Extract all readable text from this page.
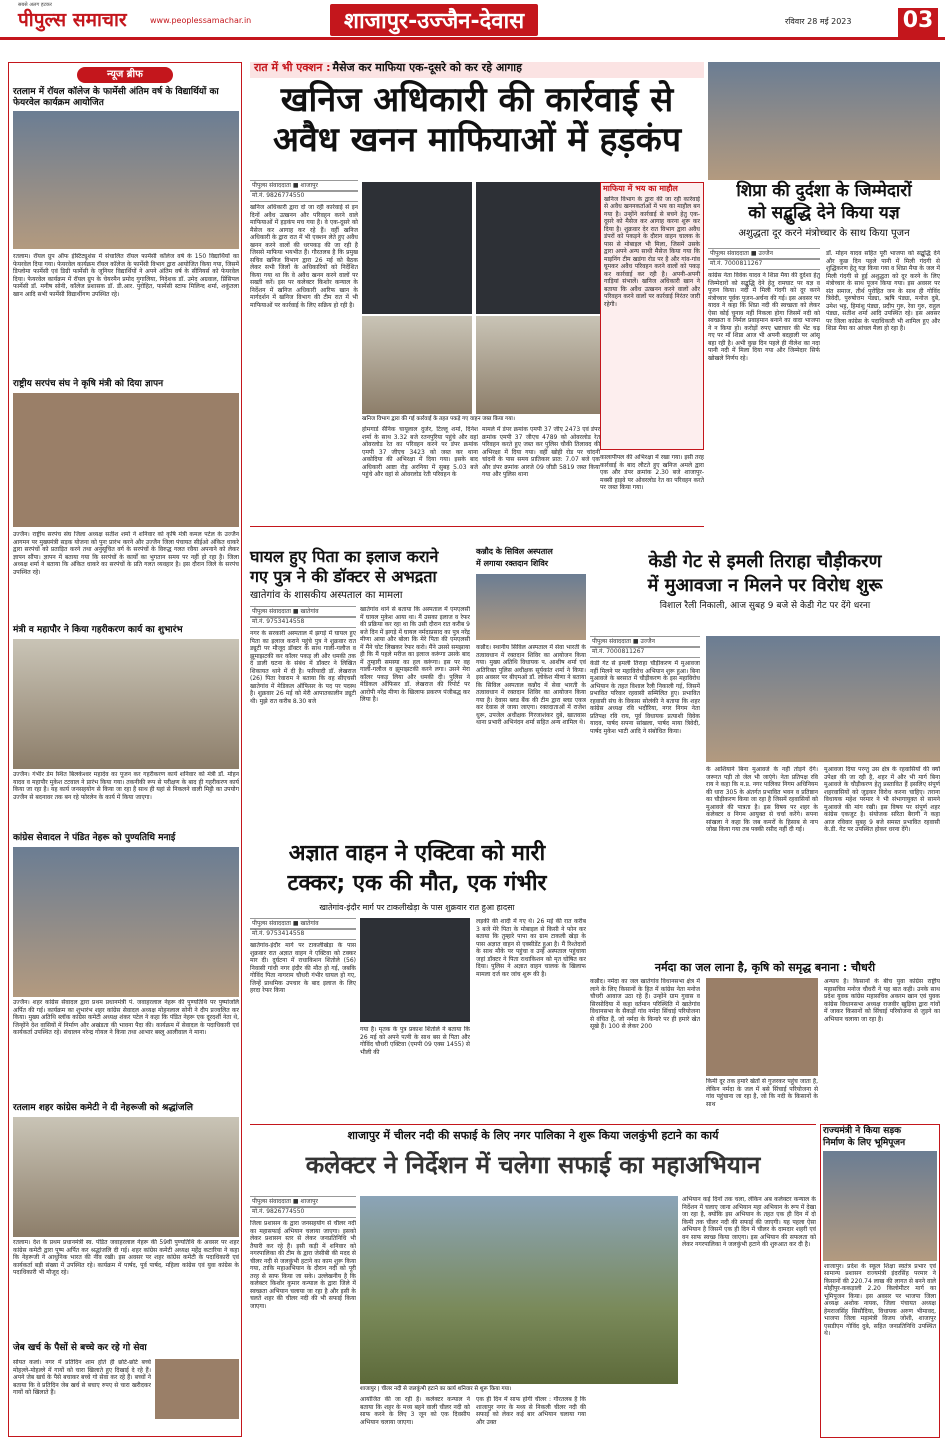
सबसे अलग हटकर
पीपुल्स समाचार	www.peoplessamachar.in	शाजापुर-उज्जैन-देवास	रविवार 28 मई 2023 03
न्यूज ब्रीफ
रतलाम में रॉयल कॉलेज के फार्मेसी अंतिम वर्ष के विद्यार्थियों का फेयरवेल कार्यक्रम आयोजित
रतलाम। रॉयल ग्रुप ऑफ इंस्टिट्यूशंस में संचालित रॉयल फार्मेसी कॉलेज वर्ष के 150 विद्यार्थियों का फेयरवेल दिया गया। फेयरवेल कार्यक्रम रॉयल कॉलेज के फार्मेसी विभाग द्वारा आयोजित किया गया, जिसमें डिप्लोमा फार्मेसी एवं डिग्री फार्मेसी के जूनियर विद्यार्थियों ने अपने अंतिम वर्ष के सीनियर्स को फेयरवेल दिया। फेयरवेल कार्यक्रम में रॉयल ग्रुप के चेयरमैन प्रमोद गुगालिया, निदेशक डॉ. उमेद अग्रवाल, प्रिंसिपल फार्मेसी डॉ. मनीष सोनी, कॉलेज प्रशासक डॉ. डी.आर. पुरोहित, फार्मेसी स्टाफ मिलिन्द शर्मा, शकुंतला खान आदि सभी फार्मेसी विद्यार्थीगण उपस्थित रहे।
राष्ट्रीय सरपंच संघ ने कृषि मंत्री को दिया ज्ञापन
उज्जैन। राष्ट्रीय सरपंच संघ जिला अध्यक्ष सतीश शर्मा ने शनिवार को कृषि मंत्री कमल पटेल के उज्जैन आगमन पर मुख्यमंत्री सड़क योजना को पुनः प्रारंभ करने और उज्जैन जिला पंचायत सीईओ अंकित धाकरे द्वारा सरपंचों को प्रताड़ित करने तथा अनुसूचित वर्ग के सरपंचों के विरुद्ध गलत रवैया अपनाने को लेकर ज्ञापन सौंपा। ज्ञापन में बताया गया कि सरपंचों के कार्यों का भुगतान समय पर नहीं हो रहा है। जिला अध्यक्ष शर्मा ने बताया कि अंकित धाकरे का सरपंचों के प्रति गलत व्यवहार है। इस दौरान जिले के सरपंच उपस्थित रहे।
मंत्री व महापौर ने किया गहरीकरण कार्य का शुभारंभ
उज्जैन। गंभीर डेम स्थित बिलकेश्वर महादेव का पूजन कर गहरीकरण कार्य शनिवार को मंत्री डॉ. मोहन यादव व महापौर मुकेश टटवाल ने प्रारंभ किया गया। तकनीकी रूप से परीक्षण के बाद ही गहरीकरण कार्य किया जा रहा है। यह कार्य जनसहयोग से किया जा रहा है साथ ही यहां से निकलने वाली मिट्टी का उपयोग उज्जैन से बदनावर तक बन रहे फोरलेन के कार्य में किया जाएगा।
कांग्रेस सेवादल ने पंडित नेहरू को पुण्यतिथि मनाई
उज्जैन। शहर कांग्रेस सेवादल द्वारा प्रथम प्रधानमंत्री पं. जवाहरलाल नेहरू की पुण्यतिथि पर पुष्पांजलि अर्पित की गई। कार्यक्रम का शुभारंभ शहर कांग्रेस सेवादल अध्यक्ष मोहनलाल सोनी ने दीप प्रज्वलित कर किया। मुख्य अतिथि ब्लॉक कांग्रेस कमेटी अध्यक्ष शंकर पटेल ने कहा कि पंडित नेहरू एक दूरदर्शी नेता थे, जिन्होंने देश वासियों में निर्माण और अखंडता की भावना पैदा की। कार्यक्रम में सेवादल के पदाधिकारी एवं कार्यकर्ता उपस्थित रहे। संचालन नरेन्द्र गोयल ने किया तथा आभार बब्लू आलीवाल ने माना।
रतलाम शहर कांग्रेस कमेटी ने दी नेहरूजी को श्रद्धांजलि
रतलाम। देश के प्रथम प्रधानमंत्री स्व. पंडित जवाहरलाल नेहरू की 59वीं पुण्यतिथि के अवसर पर शहर कांग्रेस कमेटी द्वारा पुष्प अर्पित कर श्रद्धांजलि दी गई। शहर कांग्रेस कमेटी अध्यक्ष महेंद्र कटारिया ने कहा कि नेहरूजी ने आधुनिक भारत की नींव रखी। इस अवसर पर शहर कांग्रेस कमेटी के पदाधिकारी एवं कार्यकर्ता बड़ी संख्या में उपस्थित रहे। कार्यक्रम में पार्षद, पूर्व पार्षद, महिला कांग्रेस एवं युवा कांग्रेस के पदाधिकारी भी मौजूद रहे।
जेब खर्च के पैसों से बच्चे कर रहे गो सेवा
सोयत कलां। नगर में प्रतिदिन शाम होते ही छोटे-छोटे बच्चे मोहल्ले-मोहल्ले में गायों को चारा खिलाते हुए दिखाई दे रहे हैं। अपने जेब खर्च के पैसे बचाकर बच्चे गो सेवा कर रहे हैं। बच्चों ने बताया कि वे प्रतिदिन जेब खर्च से बचाए रुपए से चारा खरीदकर गायों को खिलाते हैं।
रात में भी एक्शन : मैसेज कर माफिया एक-दूसरे को कर रहे आगाह
खनिज अधिकारी की कार्रवाई से
अवैध खनन माफियाओं में हड़कंप
पीपुल्स संवाददाता ■ शाजापुर
मो.नं. 9826774550
खनिज अधिकारी द्वारा दो जा रही कार्रवाई से इन दिनों अवैध उत्खनन और परिवहन करने वाले माफियाओं में हड़कंप मच गया है। वे एक-दूसरे को मैसेज कर आगाह कर रहे हैं। वहीं खनिज अधिकारी के द्वारा रात में भी एक्शन लेते हुए अवैध खनन करने वालों की धरपकड़ की जा रही है जिससे माफिया भयभीत हैं। गौरतलब है कि प्रमुख सचिव खनिज विभाग द्वारा 26 मई को बैठक लेकर सभी जिलों के अधिकारियों को निर्देशित किया गया था कि वे अवैध खनन करने वालों पर सख्ती करें। इस पर कलेक्टर किशोर कन्याल के निर्देशन में खनिज अधिकारी आरिफ खान के मार्गदर्शन में खनिज विभाग की टीम रात में भी माफियाओं पर कार्रवाई के लिए सक्रिय हो रही है।
खनिज विभाग द्वारा की गई कार्रवाई के तहत पकड़े गए वाहन जब्त किया गया।
हाेमगार्ड सैनिक चायूलाल दुर्जर, टिल्लू शर्मा, दिनेश शर्मा के साथ 3.32 बजे रतनपुरिया पहुंचे और वहां ओवरलोड रेत का परिवहन करने पर डंपर क्रमांक एमपी 37 जीएच 3423 को जब्त कर थाना अकोदिया की अभिरक्षा में दिया गया। इसके बाद अधिकारी आष्टा रोड़ अरनिया में सुबह 5.03 बजे पहुंचे और वहां से ओवरलोड रेती परिवहन के
मामले में डंपर क्रमांक एमपी 37 जीए 2473 एवं डंपर क्रमांक एमपी 37 जीएच 4789 को ओवरलोड रेत परिवहन करते हुए जब्त कर पुलिस चौकी तिलावद की अभिरक्षा में दिया गया। वहीं खोही रोड पर चांदनी चांदनी के पास समय प्रातिकार प्रात: 7.07 बजे एक और डंपर क्रमांक आरजे 09 जीडी 5819 जब्त किया गया और पुलिस थाना
माफिया में भय का माहौल
खनिज विभाग के द्वारा की जा रही कार्रवाई से अवैध खननकर्ताओं में भय का माहौल बन गया है। उन्होंने कार्रवाई से बचने हेतु एक-दूसरे को मैसेज कर आगाह करना शुरू कर दिया है। शुक्रवार देर रात विभाग द्वारा अवैध डंपरों को पकड़ने के दौरान वाहन चालक के पास से मोबाइल भी मिला, जिसमें उसके द्वारा अपने अन्य साथी मैसेज किया गया कि माइनिंग टीम खडंगा रोड पर है और गांव-गांव घूमकर अवैध परिवहन करने वालों को पकड़ कर कार्रवाई कर रही है। अपनी-अपनी गाड़ियां संभालें। खनिज अधिकारी खान ने बताया कि अवैध उत्खनन करने वालों और परिवहन करने वालों पर कार्रवाई निरंतर जारी रहेगी।
कालापीपल की अभिरक्षा में रखा गया। इसी तरह कार्रवाई के बाद लौटते हुए खनिज अमले द्वारा एक और डंपर क्रमांक 2.30 बजे शाजापुर-मक्सी हाइवे पर ओवरलोड रेत का परिवहन करते पर जब्त किया गया।
शिप्रा की दुर्दशा के जिम्मेदारों
को सद्बुद्धि देने किया यज्ञ
अशुद्धता दूर करने मंत्रोच्चार के साथ किया पूजन
पीपुल्स संवाददाता ■ उज्जैन
मो.नं. 7000811267
कांग्रेस नेता विवेक यादव ने शिप्रा मैया की दुर्दशा हेतु जिम्मेदारों को सद्बुद्धि देने हेतु रामघाट पर यज्ञ व पूजन किया। नदी में मिली गंदगी को दूर करने मंत्रोच्चार पूर्वक पूजन-अर्चना की गई। इस अवसर पर यादव ने कहा कि शिप्रा नदी की स्वच्छता को लेकर ऐसा कोई चुनाव नहीं निकला होगा जिसमें नदी को स्वच्छता व निर्मल प्रवाहमान बनाने का वादा भाजपा ने न किया हो। करोड़ों रुपए भ्रष्टाचार की भेंट चढ़ गए पर माँ शिप्रा आज भी अपनी बदहाली पर आंसू बहा रही है। अभी कुछ दिन पहले ही नीलेश का नदा पानी नदी में मिला दिया गया और जिम्मेदार सिर्फ खोखले निर्णय रहे।
डॉ. मोहन यादव सहित पूरी भाजपा को सद्बुद्धि देने और कुछ दिन पहले पानी में मिली गंदगी से शुद्धिकरण हेतु यज्ञ किया गया व शिप्रा मैया के जल में मिली गंदगी से हुई अशुद्धता को दूर करने के लिए मंत्रोच्चार के साथ पूजन किया गया। इस अवसर पर संत समाज, तीर्थ पुरोहित जन के साथ ही गोविंद त्रिवेदी, पुरुषोत्तम पंड्या, ऋषि पंड्या, मनोज दुबे, उमेश भट्ट, हिमांशु पंड्या, प्रदीप गुरु, रेवा गुरु, राहुल पंड्या, सतीश शर्मा आदि उपस्थित रहे। इस अवसर पर जिला कांग्रेस के पदाधिकारी भी शामिल हुए और शिप्रा मैया का आंचल मैला हो रहा है।
घायल हुए पिता का इलाज कराने
गए पुत्र ने की डॉक्टर से अभद्रता
खातेगांव के शासकीय अस्पताल का मामला
पीपुल्स संवाददाता ■ खातेगांव
मो.नं. 9753414558
नगर के सरकारी अस्पताल में झगड़े में घायल हुए पिता का इलाज कराने पहुंचे पुत्र ने शुक्रवार रात ड्यूटी पर मौजूद डॉक्टर के साथ गाली-गलौज व झूमाझटकी कर कॉलर पकड़ ली और धमकी तक दे डाली घटना के संबंध में डॉक्टर ने लिखित शिकायत थाने में दी है। फरियादी डॉ. लेखराज (26) पिता रेवाराम ने बताया कि वह सीएचसी खातेगांव में मेडिकल ऑफिसर के पद पर पदस्थ है। शुक्रवार 26 मई को मेरी आपातकालीन ड्यूटी थी। मुझे रात करीब 8.30 बजे
खातेगांव थाने से बताया कि अस्पताल में एमएलसी में घायल मुकेश आया था। मैं उसका इलाज व रेफर की प्रक्रिया कर रहा था कि उसी दौरान रात करीब 9 बजे दिन में झगड़े में घायल नर्मदाप्रसाद का पुत्र नरेंद्र मीणा आया और बोला कि मेरे पिता की एमएलसी में मैंने चोट लिखकर रेफर करो। मैंने उससे समझाया ही कि मैं पहले मरीज का इलाज करूंगा उसके बाद में तुम्हारी समस्या का हल करूंगा। इस पर वह गाली-गलौज व झूमाझटकी करने लगा। उसने मेरा कॉलर पकड़ लिया और धमकी दी। पुलिस ने मेडिकल ऑफिसर डॉ. लेखराज की रिपोर्ट पर आरोपी नरेंद्र मीणा के खिलाफ प्रकरण पंजीबद्ध कर लिया है।
कन्नौद के सिविल अस्पताल
में लगाया रक्तदान शिविर
कन्नौद। स्थानीय सिविल अस्पताल में सेवा भारती के तत्वावधान में रक्तदान शिविर का आयोजन किया गया। मुख्य अतिथि विधायक प. आशीष शर्मा एवं अतिरिक्त पुलिस अधीक्षक सूर्यकांत शर्मा ने किया। इस अवसर पर बीएमओ डॉ. लोकेश मीणा ने बताया कि सिविल अस्पताल कन्नौद में सेवा भारती के तत्वावधान में रक्तदान शिविर का आयोजन किया गया है। देवास ब्लड बैंक की टीम द्वारा ब्लड एकत्र कर देवास ले जाया जाएगा। रक्तदाताओं में राजेश धुरू, उपजेल अधीक्षक गिरजाशंकर दुबे, खातवास थाना प्रभारी अभिनंदन शर्मा सहित अन्य शामिल थे।
केडी गेट से इमली तिराहा चौड़ीकरण
में मुआवजा न मिलने पर विरोध शुरू
विशाल रैली निकाली, आज सुबह 9 बजे से केडी गेट पर देंगे धरना
पीपुल्स संवाददाता ■ उज्जैन
मो.नं. 7000811267
केडी गेट से इमली तिराहा चौड़ीकरण में मुआवजा नहीं मिलने पर महाविरोध अभियान शुरू हुआ। बिना मुआवजे के बरसात में चौड़ीकरण के इस महाविरोध अभियान के तहत विशाल रैली निकाली गई, जिसमें प्रभावित परिवार रहवासी सम्मिलित हुए। प्रभावित रहवासी संघ के विकास सोलंकी ने बताया कि शहर कांग्रेस अध्यक्ष रवि भदौरिया, नगर निगम नेता प्रतिपक्ष रवि राय, पूर्व विधायक प्रत्याशी विवेक यादव, पार्षद सपना सांखला, पार्षद माया त्रिवेदी, पार्षद मुकेश भाटी आदि ने संबोधित किया।
के आशियाने बिना मुआवजे के नहीं तोड़ने देंगे। जरूरत पड़ी तो जेल भी जाएंगे। नेता प्रतिपक्ष रवि राय ने कहा कि म.प्र. नगर पालिका निगम अधिनियम की धारा 305 के अंतर्गत प्रभावित भवन व प्रतिष्ठान का चौड़ीकरण किया जा रहा है जिसमें रहवासियों को मुआवजे की पात्रता है। इस विषय पर शहर के कलेक्टर व निगम आयुक्त से चर्चा करेंगे। सपना सांखला ने कहा कि जब कमरों के हिसाब से नाप जोख किया गया तब पक्की रसीद नहीं दी गई।
मुआवजा दिया परन्तु उस क्षेत्र के रहवासियों की क्यों उपेक्षा की जा रही है, शहर में और भी मार्ग बिना मुआवजे के चौड़ीकरण हेतु प्रस्तावित हैं इसलिए संपूर्ण शहरवासियों को जुड़कर विरोध करना चाहिए। तराना विधायक महेश परमार ने भी संभागायुक्त से सामने मुआवजे की मांग रखी। इस विषय पर संपूर्ण शहर कांग्रेस एकजुट है। संयोजक सरिता बैरागी ने कहा आज रविवार सुबह 9 बजे समस्त प्रभावित रहवासी के.डी. गेट पर उपस्थित होकर धरना देंगे।
अज्ञात वाहन ने एक्टिवा को मारी
टक्कर; एक की मौत, एक गंभीर
खातेगांव-इंदौर मार्ग पर टाकलीखेड़ा के पास शुक्रवार रात हुआ हादसा
पीपुल्स संवाददाता ■ खातेगांव
मो.नं. 9753414558
खातेगांव-इंदौर मार्ग पर टाकलीखेड़ा के पास शुक्रवार रात अज्ञात वाहन ने एक्टिवा को टक्कर मार दी। दुर्घटना में राधाकिशन शितोले (56) निवासी गांधी नगर इंदौर की मौत हो गई, जबकि गोविंद पिता नागराम चौधरी गंभीर घायल हो गए, जिन्हें प्राथमिक उपचार के बाद इलाज के लिए हरदा रेफर किया
गया है। मृतक के पुत्र प्रकाश शितोले ने बताया कि 26 मई को अपने पत्नी के साथ बस से पिता और गोविंद चौधरी एक्टिवा (एमपी 09 एक्स 1455) से भीली की
लड़की की शादी में गए थे। 26 मई की रात करीब 3 बजे मेरे पिता के मोबाइल से किसी ने फोन कर बताया कि तुम्हारे पापा का ग्राम टाकली खेड़ा के पास अज्ञात वाहन से एक्सीडेंट हुआ है। मैं रिश्तेदारों के साथ मौके पर पहुंचा व उन्हें अस्पताल पहुंचाया जहां डॉक्टर ने पिता राधाकिशन को मृत घोषित कर दिया। पुलिस ने अज्ञात वाहन चालक के खिलाफ मामला दर्ज कर जांच शुरू की है।	नर्मदा का जल लाना है, कृषि को समृद्ध बनाना : चौधरी
कन्नौद। नर्मदा का जल खातेगांव विधानसभा क्षेत्र में लाने के लिए किसानों के हित में कांग्रेस नेता मनोज चौधरी आवाज उठा रहे हैं। उन्होंने ग्राम गुवास व सिरसोदिया में कहा वर्तमान परिस्थिति में खातेगांव विधानसभा के सैकड़ों गांव नर्मदा सिंचाई परियोजना से वंचित हैं, जो नर्मदा के किनारे पर ही हमारे खेत सूखे हैं। 100 से लेकर 200
किमी दूर तक हमारे खेतों से गुजरकर पहुंच जाता है, लेकिन नर्मदा के जल में बसे सिंचाई परियोजना से गांव पहुंचाना जा रहा है, जो कि नदी के किसानों के साथ
अन्याय है। किसानों के बीच युवा कांग्रेस राष्ट्रीय महासचिव मनोज चौधरी ने यह बात कही। उनके साथ प्रदेश युवक कांग्रेस महासचिव अकरम खान एवं युवक कांग्रेस विधानसभा अध्यक्ष राजवीर खुड़िया द्वारा गांवों में जाकर किसानों को सिंचाई परियोजना से जुड़ने का अभियान चलाया जा रहा है।
शाजापुर में चीलर नदी की सफाई के लिए नगर पालिका ने शुरू किया जलकुंभी हटाने का कार्य
कलेक्टर ने निर्देशन में चलेगा सफाई का महाअभियान
पीपुल्स संवाददाता ■ शाजापुर
मो.नं. 9826774550
जिला प्रशासन के द्वारा जनसहयोग से चीलर नदी का महासफाई अभियान चलाया जाएगा। इसको लेकर प्रशासन स्तर से लेकर जनप्रतिनिधि भी तैयारी कर रहे हैं। इसी कड़ी में शनिवार को नगरपालिका की टीम के द्वारा जेसीबी की मदद से चीलर नदी से जलकुंभी हटाने का काम शुरू किया गया, ताकि महाअभियान के दौरान नदी को पूरी तरह से साफ किया जा सके। उल्लेखनीय है कि कलेक्टर किशोर कुमार कन्याल के द्वारा जिले में स्वच्छता अभियान चलाया जा रहा है और इसी के चलते शहर की चीलर नदी की भी सफाई किया जाएगा।
शाजापुर | चीलर नदी से जलकुंभी हटाने का कार्य शनिवार से शुरू किया गया।
आयोजित की जा रही है। कलेक्टर कन्याल ने बताया कि शहर के मध्य बहने वाली चीलर नदी को साफ करने के लिए 3 जून को एक दिवसीय अभियान चलाया जाएगा।
एक ही दिन में साफ होगी चीलर : गौरतलब है कि शाजापुर नगर के मध्य से निकली चीलर नदी की सफाई को लेकर कई बार अभियान चलाया गया और उक्त
अभियान कई दिनों तक चला, लेकिन अब कलेक्टर कन्याल के निर्देशन में चलाए जाना अभियान महा अभियान के रूप में देखा जा रहा है, क्योंकि इस अभियान के तहत एक ही दिन में दो किमी तक चीलर नदी की सफाई की जाएगी। यह पहला ऐसा अभियान है जिसमें एक ही दिन में चीलर के दामदार शहरी एवं वन साफ स्वच्छ किया जाएगा। इस अभियान की सफलता को लेकर नगरपालिका ने जलकुंभी हटाने की शुरुआत कर दी है।
राज्यमंत्री ने किया सड़क
निर्माण के लिए भूमिपूजन
शाजापुर। प्रदेश के स्कूल शिक्षा स्वतंत्र प्रभार एवं सामान्य प्रशासन राज्यमंत्री इंदरसिंह परमार ने किसानों की 220.74 लाख की लागत से बनने वाले मोहीपुर-ककड़ाली 2.20 किलोमीटर मार्ग का भूमिपूजन किया। इस अवसर पर भाजपा जिला अध्यक्ष अशोक नायक, जिला पंचायत अध्यक्ष हेमराजसिंह सिसौदिया, विधायक अरुण भीमावद, भाजपा जिला महामंत्री विजय जोशी, शाजापुर एसडीएम गोविंद दुबे, सहित जनप्रतिनिधि उपस्थित थे।
